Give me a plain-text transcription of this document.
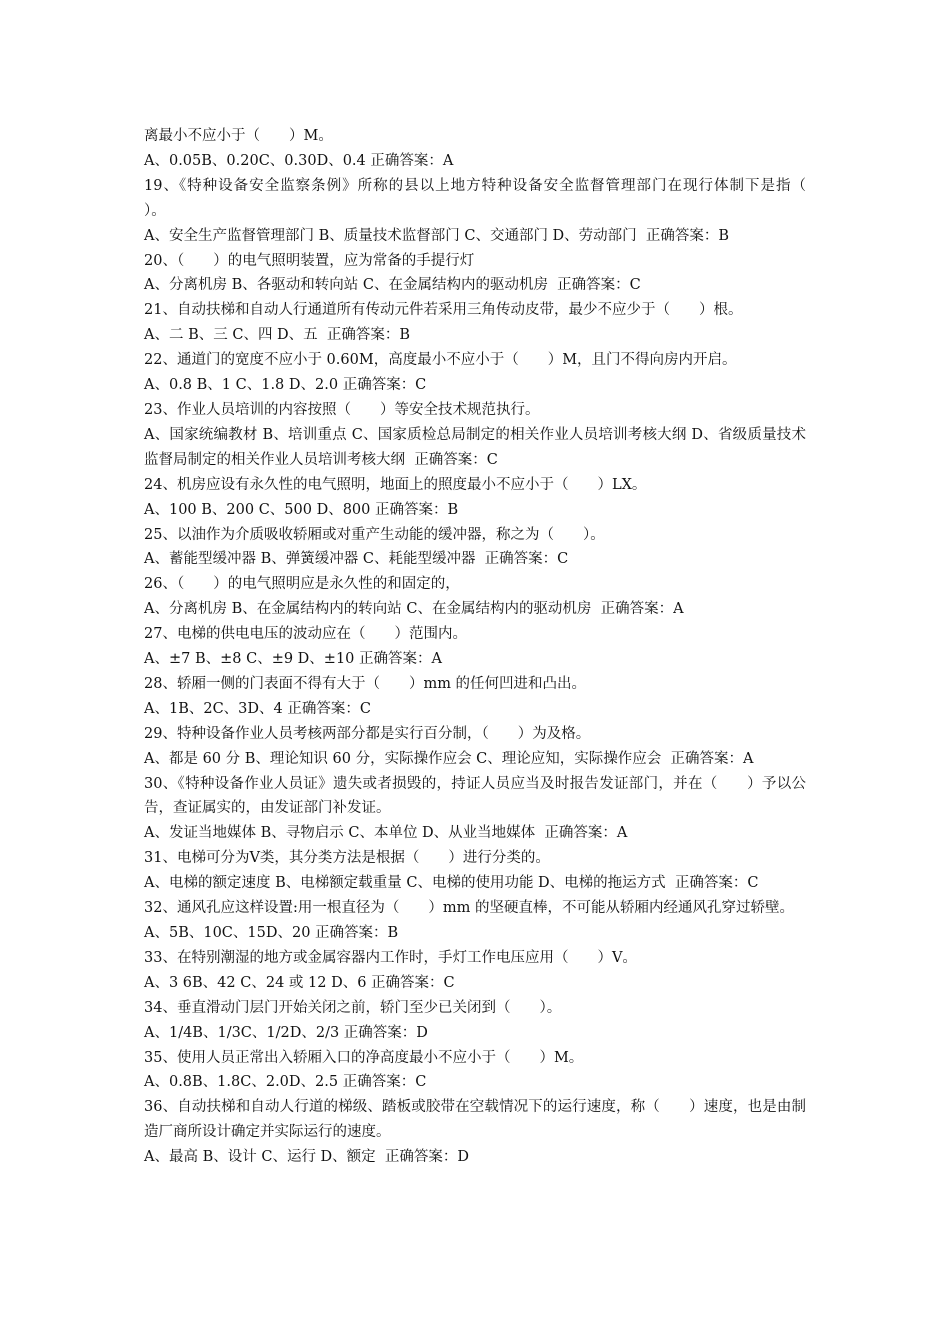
离最小不应小于（　　）M。
A、0.05B、0.20C、0.30D、0.4 正确答案：A
19、《特种设备安全监察条例》所称的县以上地方特种设备安全监督管理部门在现行体制下是指（　　）。
A、安全生产监督管理部门 B、质量技术监督部门 C、交通部门 D、劳动部门  正确答案：B
20、（　　）的电气照明装置，应为常备的手提行灯
A、分离机房 B、各驱动和转向站 C、在金属结构内的驱动机房  正确答案：C
21、自动扶梯和自动人行通道所有传动元件若采用三角传动皮带，最少不应少于（　　）根。
A、二 B、三 C、四 D、五  正确答案：B
22、通道门的宽度不应小于 0.60M，高度最小不应小于（　　）M，且门不得向房内开启。
A、0.8 B、1 C、1.8 D、2.0 正确答案：C
23、作业人员培训的内容按照（　　）等安全技术规范执行。
A、国家统编教材 B、培训重点 C、国家质检总局制定的相关作业人员培训考核大纲 D、省级质量技术监督局制定的相关作业人员培训考核大纲  正确答案：C
24、机房应设有永久性的电气照明，地面上的照度最小不应小于（　　）LX。
A、100 B、200 C、500 D、800 正确答案：B
25、以油作为介质吸收轿厢或对重产生动能的缓冲器，称之为（　　）。
A、蓄能型缓冲器 B、弹簧缓冲器 C、耗能型缓冲器  正确答案：C
26、（　　）的电气照明应是永久性的和固定的，
A、分离机房 B、在金属结构内的转向站 C、在金属结构内的驱动机房  正确答案：A
27、电梯的供电电压的波动应在（　　）范围内。
A、±7 B、±8 C、±9 D、±10 正确答案：A
28、轿厢一侧的门表面不得有大于（　　）mm 的任何凹进和凸出。
A、1B、2C、3D、4 正确答案：C
29、特种设备作业人员考核两部分都是实行百分制，（　　）为及格。
A、都是 60 分 B、理论知识 60 分，实际操作应会 C、理论应知，实际操作应会  正确答案：A
30、《特种设备作业人员证》遗失或者损毁的，持证人员应当及时报告发证部门，并在（　　）予以公告，查证属实的，由发证部门补发证。
A、发证当地媒体 B、寻物启示 C、本单位 D、从业当地媒体  正确答案：A
31、电梯可分为Ⅴ类，其分类方法是根据（　　）进行分类的。
A、电梯的额定速度 B、电梯额定载重量 C、电梯的使用功能 D、电梯的拖运方式  正确答案：C
32、通风孔应这样设置:用一根直径为（　　）mm 的坚硬直棒，不可能从轿厢内经通风孔穿过轿壁。
A、5B、10C、15D、20 正确答案：B
33、在特别潮湿的地方或金属容器内工作时，手灯工作电压应用（　　）V。
A、3 6B、42 C、24 或 12 D、6 正确答案：C
34、垂直滑动门层门开始关闭之前，轿门至少已关闭到（　　）。
A、1/4B、1/3C、1/2D、2/3 正确答案：D
35、使用人员正常出入轿厢入口的净高度最小不应小于（　　）M。
A、0.8B、1.8C、2.0D、2.5 正确答案：C
36、自动扶梯和自动人行道的梯级、踏板或胶带在空载情况下的运行速度，称（　　）速度，也是由制造厂商所设计确定并实际运行的速度。
A、最高 B、设计 C、运行 D、额定  正确答案：D
